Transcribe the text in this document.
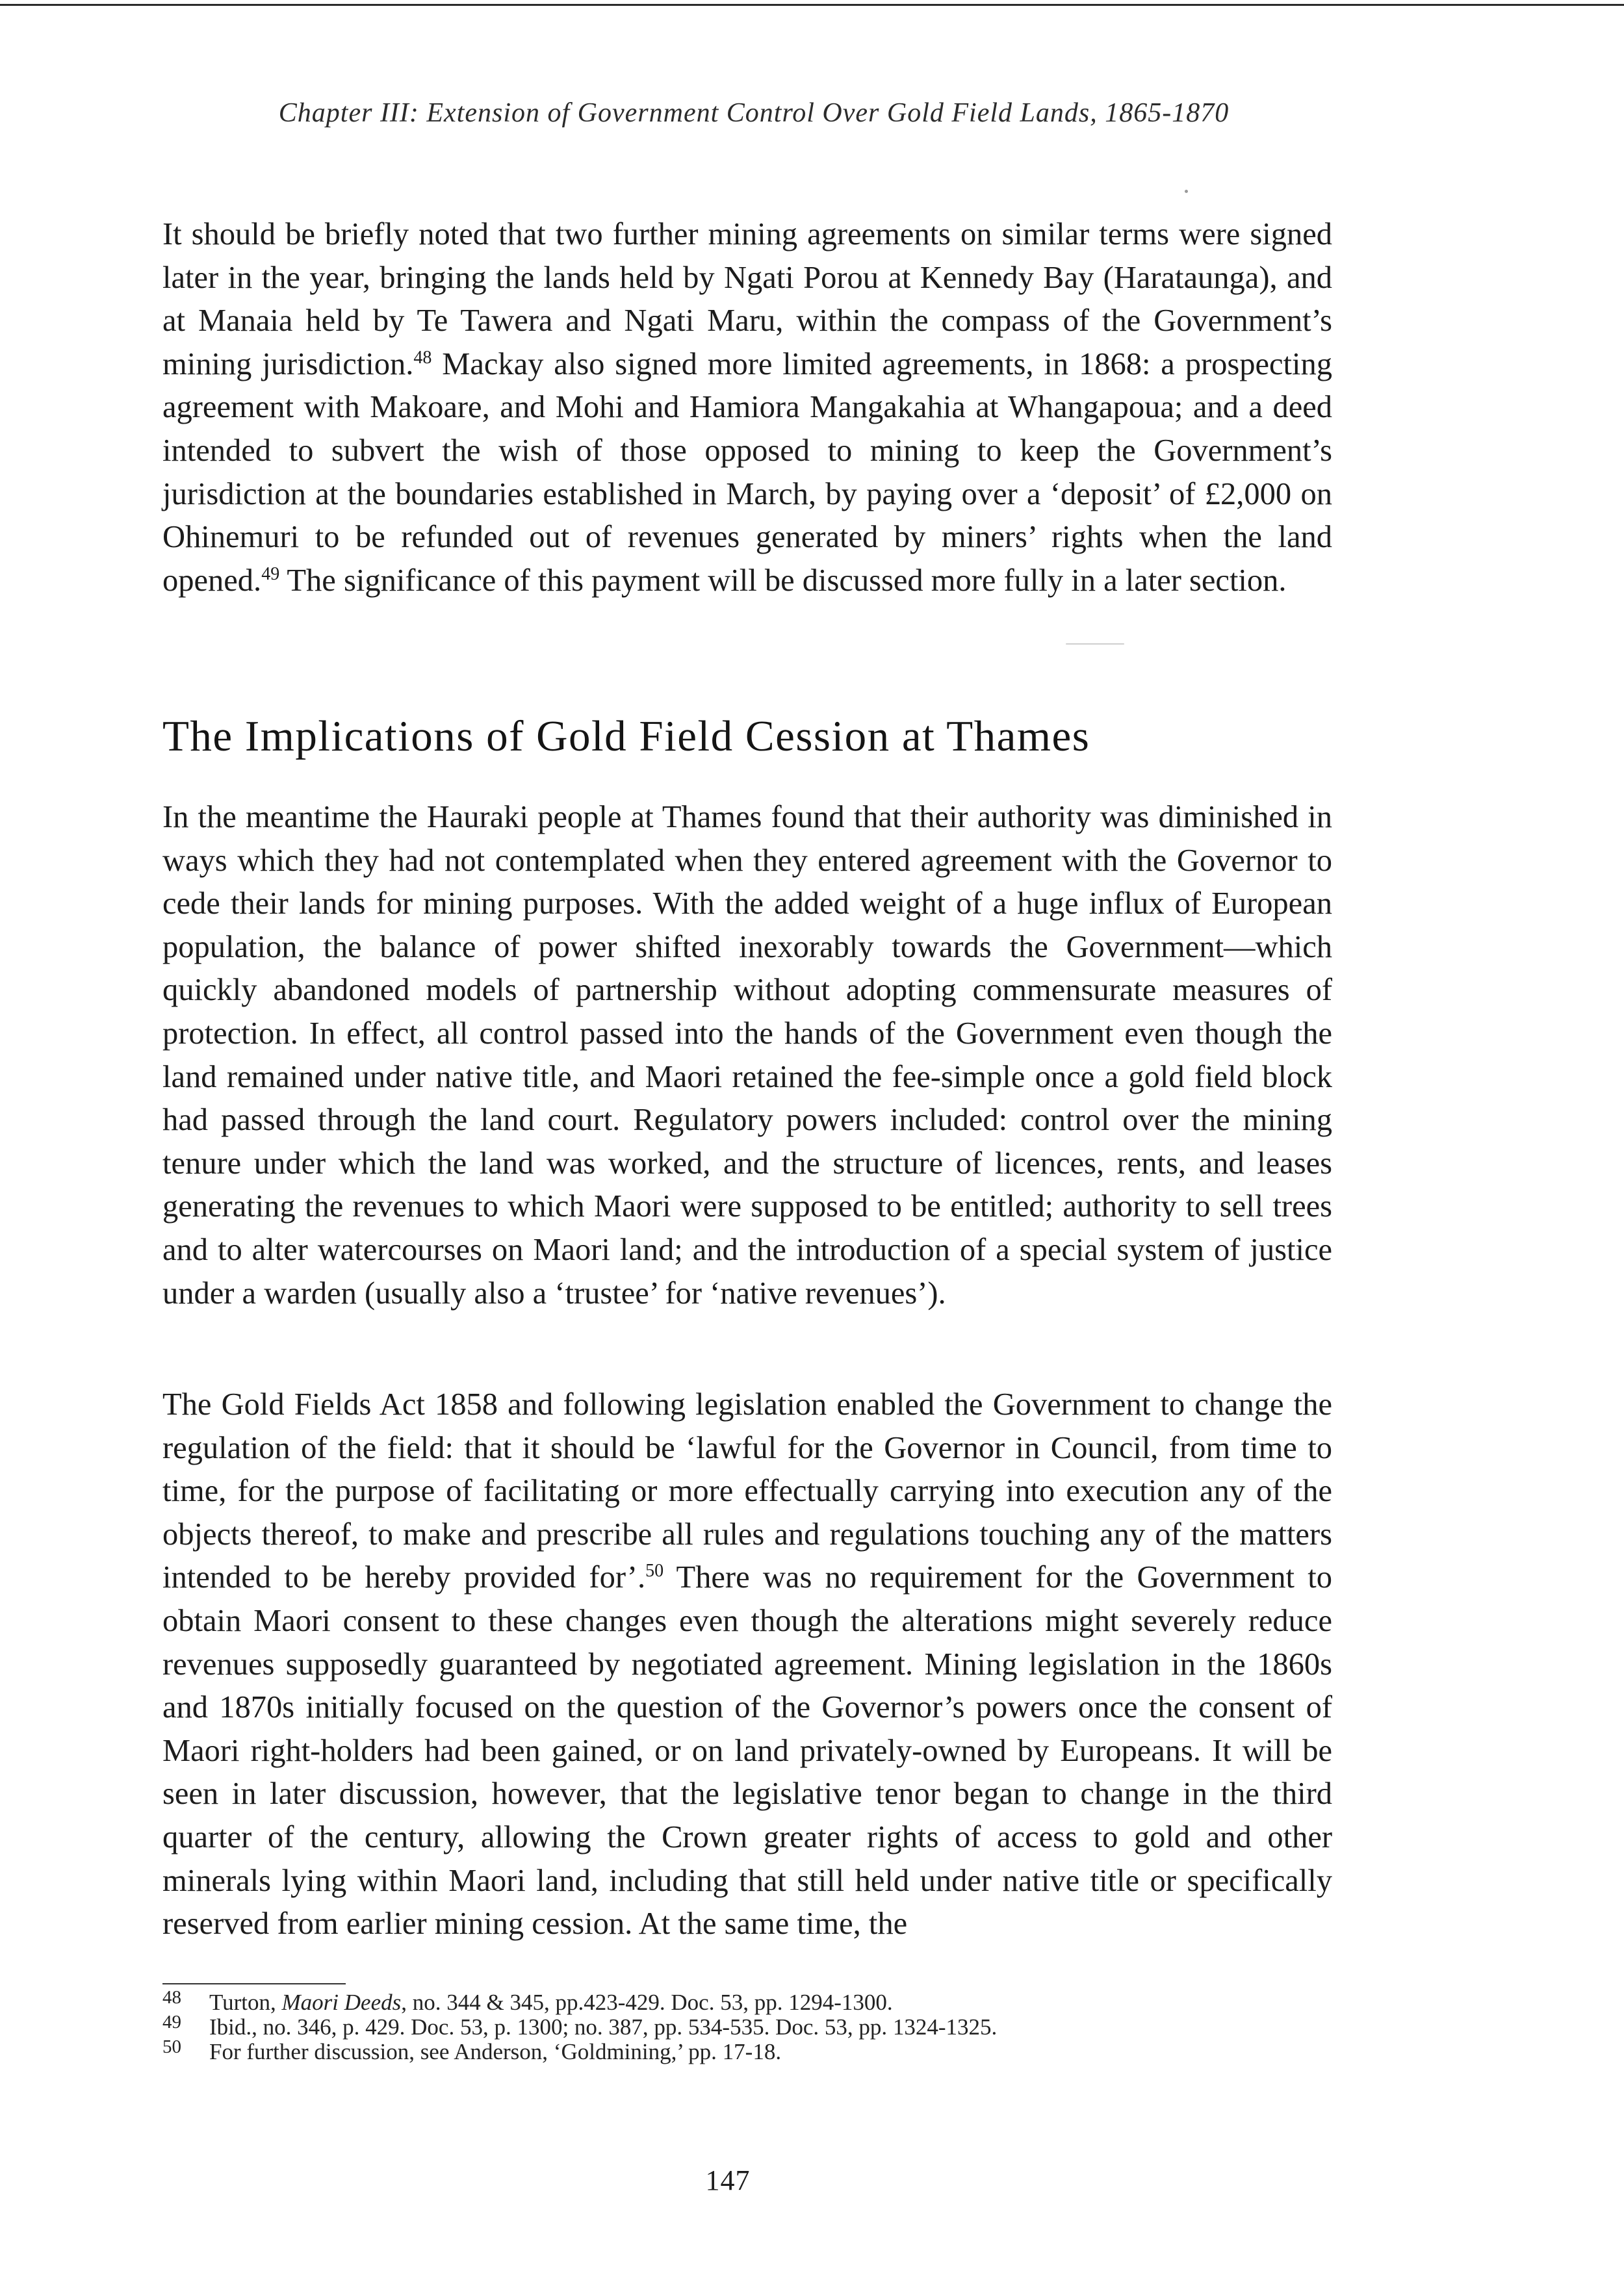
Chapter III: Extension of Government Control Over Gold Field Lands, 1865-1870

It should be briefly noted that two further mining agreements on similar terms were signed later in the year, bringing the lands held by Ngati Porou at Kennedy Bay (Harataunga), and at Manaia held by Te Tawera and Ngati Maru, within the compass of the Government’s mining jurisdiction.$^{48}$ Mackay also signed more limited agreements, in 1868: a prospecting agreement with Makoare, and Mohi and Hamiora Mangakahia at Whangapoua; and a deed intended to subvert the wish of those opposed to mining to keep the Government’s jurisdiction at the boundaries established in March, by paying over a ‘deposit’ of £2,000 on Ohinemuri to be refunded out of revenues generated by miners’ rights when the land opened.$^{49}$ The significance of this payment will be discussed more fully in a later section.

The Implications of Gold Field Cession at Thames

In the meantime the Hauraki people at Thames found that their authority was diminished in ways which they had not contemplated when they entered agreement with the Governor to cede their lands for mining purposes. With the added weight of a huge influx of European population, the balance of power shifted inexorably towards the Government—which quickly abandoned models of partnership without adopting commensurate measures of protection. In effect, all control passed into the hands of the Government even though the land remained under native title, and Maori retained the fee-simple once a gold field block had passed through the land court. Regulatory powers included: control over the mining tenure under which the land was worked, and the structure of licences, rents, and leases generating the revenues to which Maori were supposed to be entitled; authority to sell trees and to alter watercourses on Maori land; and the introduction of a special system of justice under a warden (usually also a ‘trustee’ for ‘native revenues’).

The Gold Fields Act 1858 and following legislation enabled the Government to change the regulation of the field: that it should be ‘lawful for the Governor in Council, from time to time, for the purpose of facilitating or more effectually carrying into execution any of the objects thereof, to make and prescribe all rules and regulations touching any of the matters intended to be hereby provided for’.$^{50}$ There was no requirement for the Government to obtain Maori consent to these changes even though the alterations might severely reduce revenues supposedly guaranteed by negotiated agreement. Mining legislation in the 1860s and 1870s initially focused on the question of the Governor’s powers once the consent of Maori right-holders had been gained, or on land privately-owned by Europeans. It will be seen in later discussion, however, that the legislative tenor began to change in the third quarter of the century, allowing the Crown greater rights of access to gold and other minerals lying within Maori land, including that still held under native title or specifically reserved from earlier mining cession. At the same time, the

48 Turton, Maori Deeds, no. 344 & 345, pp.423-429. Doc. 53, pp. 1294-1300.
49 Ibid., no. 346, p. 429. Doc. 53, p. 1300; no. 387, pp. 534-535. Doc. 53, pp. 1324-1325.
50 For further discussion, see Anderson, ‘Goldmining,’ pp. 17-18.
147
